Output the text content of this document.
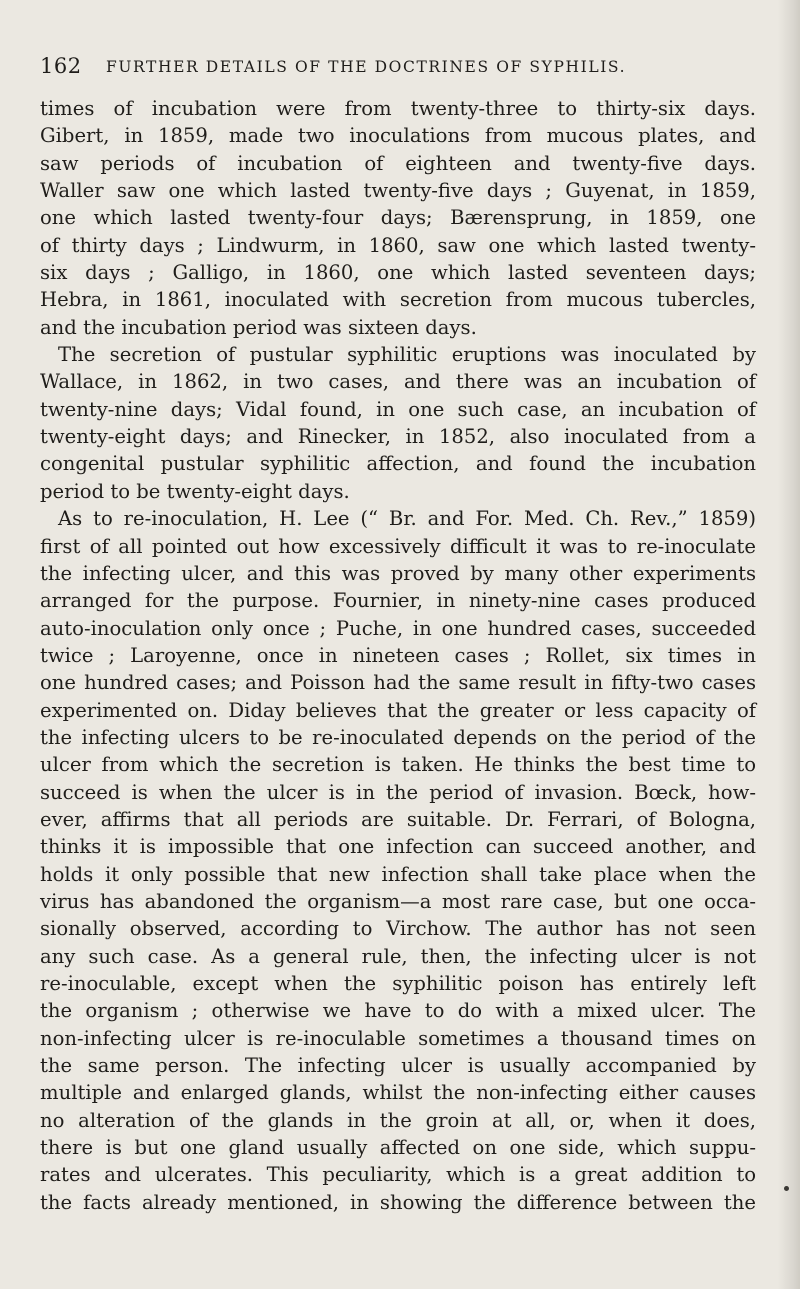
162 FURTHER DETAILS OF THE DOCTRINES OF SYPHILIS.
times of incubation were from twenty-three to thirty-six days.
Gibert, in 1859, made two inoculations from mucous plates, and
saw periods of incubation of eighteen and twenty-five days.
Waller saw one which lasted twenty-five days ; Guyenat, in 1859,
one which lasted twenty-four days; Bærensprung, in 1859, one
of thirty days ; Lindwurm, in 1860, saw one which lasted twenty-
six days ; Galligo, in 1860, one which lasted seventeen days;
Hebra, in 1861, inoculated with secretion from mucous tubercles,
and the incubation period was sixteen days.
The secretion of pustular syphilitic eruptions was inoculated by
Wallace, in 1862, in two cases, and there was an incubation of
twenty-nine days; Vidal found, in one such case, an incubation of
twenty-eight days; and Rinecker, in 1852, also inoculated from a
congenital pustular syphilitic affection, and found the incubation
period to be twenty-eight days.
As to re-inoculation, H. Lee (“ Br. and For. Med. Ch. Rev.,” 1859)
first of all pointed out how excessively difficult it was to re-inoculate
the infecting ulcer, and this was proved by many other experiments
arranged for the purpose. Fournier, in ninety-nine cases produced
auto-inoculation only once ; Puche, in one hundred cases, succeeded
twice ; Laroyenne, once in nineteen cases ; Rollet, six times in
one hundred cases; and Poisson had the same result in fifty-two cases
experimented on. Diday believes that the greater or less capacity of
the infecting ulcers to be re-inoculated depends on the period of the
ulcer from which the secretion is taken. He thinks the best time to
succeed is when the ulcer is in the period of invasion. Bœck, how-
ever, affirms that all periods are suitable. Dr. Ferrari, of Bologna,
thinks it is impossible that one infection can succeed another, and
holds it only possible that new infection shall take place when the
virus has abandoned the organism—a most rare case, but one occa-
sionally observed, according to Virchow. The author has not seen
any such case. As a general rule, then, the infecting ulcer is not
re-inoculable, except when the syphilitic poison has entirely left
the organism ; otherwise we have to do with a mixed ulcer. The
non-infecting ulcer is re-inoculable sometimes a thousand times on
the same person. The infecting ulcer is usually accompanied by
multiple and enlarged glands, whilst the non-infecting either causes
no alteration of the glands in the groin at all, or, when it does,
there is but one gland usually affected on one side, which suppu-
rates and ulcerates. This peculiarity, which is a great addition to
the facts already mentioned, in showing the difference between the
